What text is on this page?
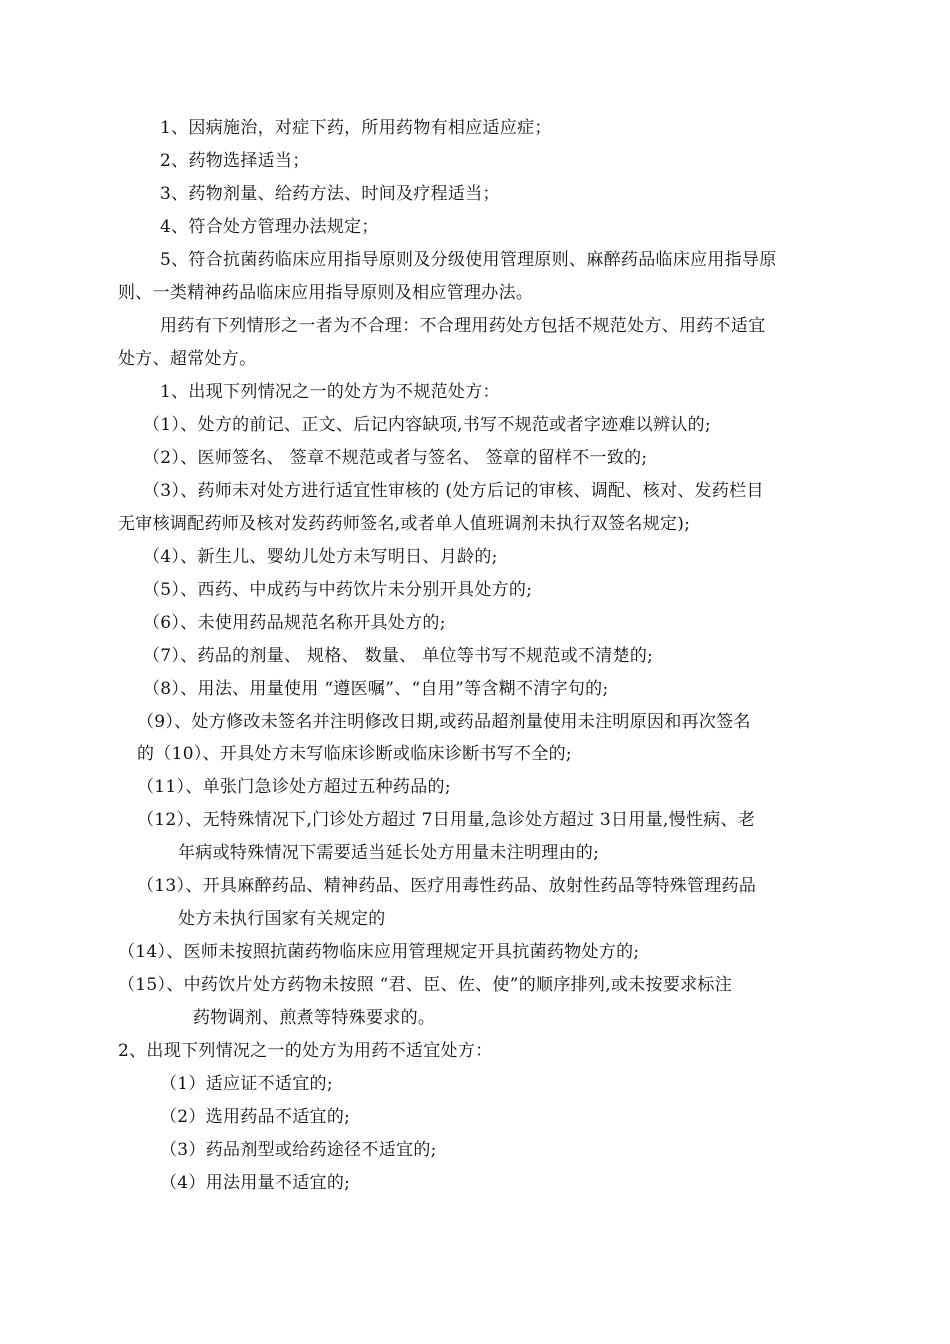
1、因病施治，对症下药，所用药物有相应适应症；
2、药物选择适当；
3、药物剂量、给药方法、时间及疗程适当；
4、符合处方管理办法规定；
5、符合抗菌药临床应用指导原则及分级使用管理原则、麻醉药品临床应用指导原
则、一类精神药品临床应用指导原则及相应管理办法。
用药有下列情形之一者为不合理：不合理用药处方包括不规范处方、用药不适宜
处方、超常处方。
1、出现下列情况之一的处方为不规范处方：
（1）、处方的前记、正文、后记内容缺项,书写不规范或者字迹难以辨认的;
（2）、医师签名、 签章不规范或者与签名、 签章的留样不一致的;
（3）、药师未对处方进行适宜性审核的 (处方后记的审核、调配、核对、发药栏目
无审核调配药师及核对发药药师签名,或者单人值班调剂未执行双签名规定);
（4）、新生儿、婴幼儿处方未写明日、月龄的;
（5）、西药、中成药与中药饮片未分别开具处方的;
（6）、未使用药品规范名称开具处方的;
（7）、药品的剂量、 规格、 数量、 单位等书写不规范或不清楚的;
（8）、用法、用量使用 “遵医嘱”、“自用”等含糊不清字句的;
（9）、处方修改未签名并注明修改日期,或药品超剂量使用未注明原因和再次签名
的（10）、开具处方未写临床诊断或临床诊断书写不全的;
（11）、单张门急诊处方超过五种药品的;
（12）、无特殊情况下,门诊处方超过 7日用量,急诊处方超过 3日用量,慢性病、老
年病或特殊情况下需要适当延长处方用量未注明理由的;
（13）、开具麻醉药品、精神药品、医疗用毒性药品、放射性药品等特殊管理药品
处方未执行国家有关规定的
（14）、医师未按照抗菌药物临床应用管理规定开具抗菌药物处方的;
（15）、中药饮片处方药物未按照 “君、臣、佐、使”的顺序排列,或未按要求标注
药物调剂、煎煮等特殊要求的。
2、出现下列情况之一的处方为用药不适宜处方：
（1）适应证不适宜的;
（2）选用药品不适宜的;
（3）药品剂型或给药途径不适宜的;
（4）用法用量不适宜的;
